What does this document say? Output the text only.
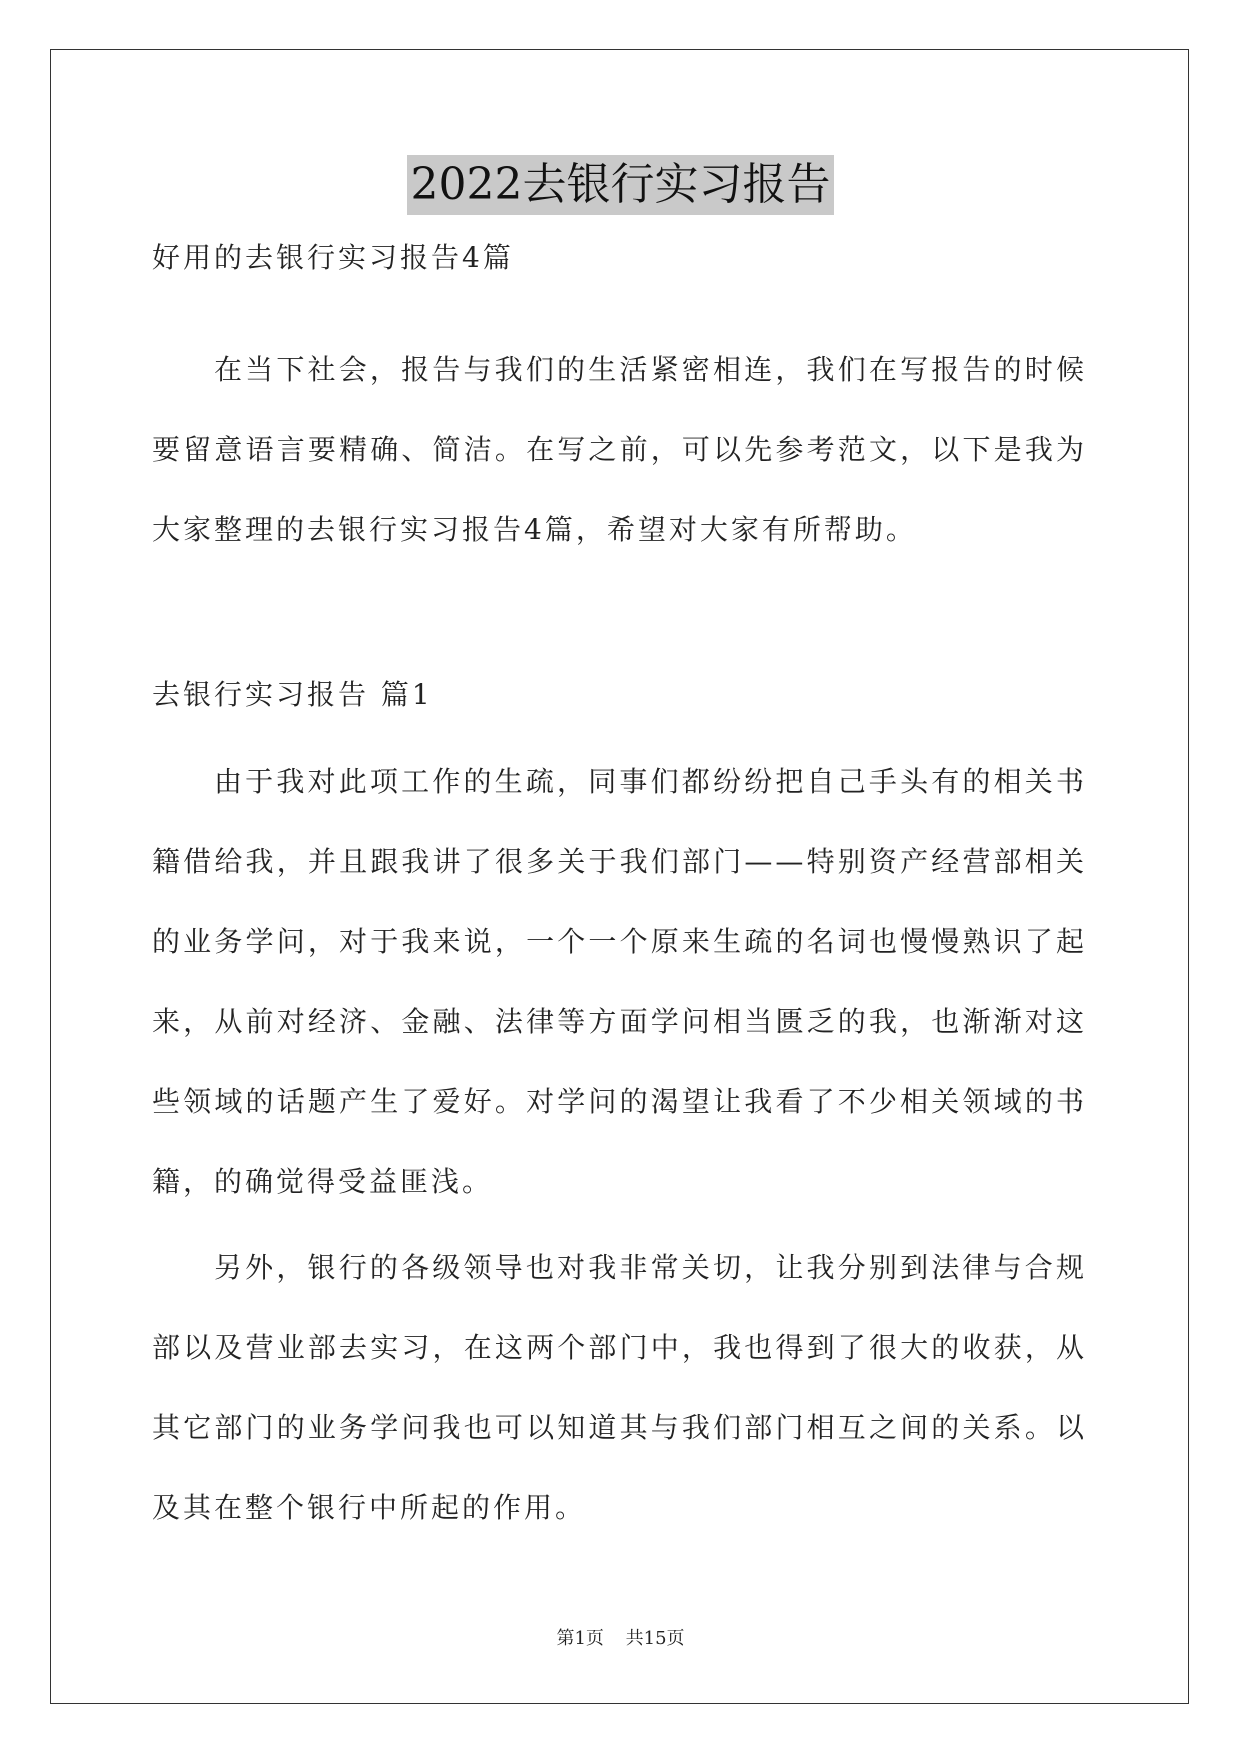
2022去银行实习报告

好用的去银行实习报告4篇

在当下社会，报告与我们的生活紧密相连，我们在写报告的时候要留意语言要精确、简洁。在写之前，可以先参考范文，以下是我为大家整理的去银行实习报告4篇，希望对大家有所帮助。

去银行实习报告 篇1

由于我对此项工作的生疏，同事们都纷纷把自己手头有的相关书籍借给我，并且跟我讲了很多关于我们部门——特别资产经营部相关的业务学问，对于我来说，一个一个原来生疏的名词也慢慢熟识了起来，从前对经济、金融、法律等方面学问相当匮乏的我，也渐渐对这些领域的话题产生了爱好。对学问的渴望让我看了不少相关领域的书籍，的确觉得受益匪浅。

另外，银行的各级领导也对我非常关切，让我分别到法律与合规部以及营业部去实习，在这两个部门中，我也得到了很大的收获，从其它部门的业务学问我也可以知道其与我们部门相互之间的关系。以及其在整个银行中所起的作用。

第1页 共15页
